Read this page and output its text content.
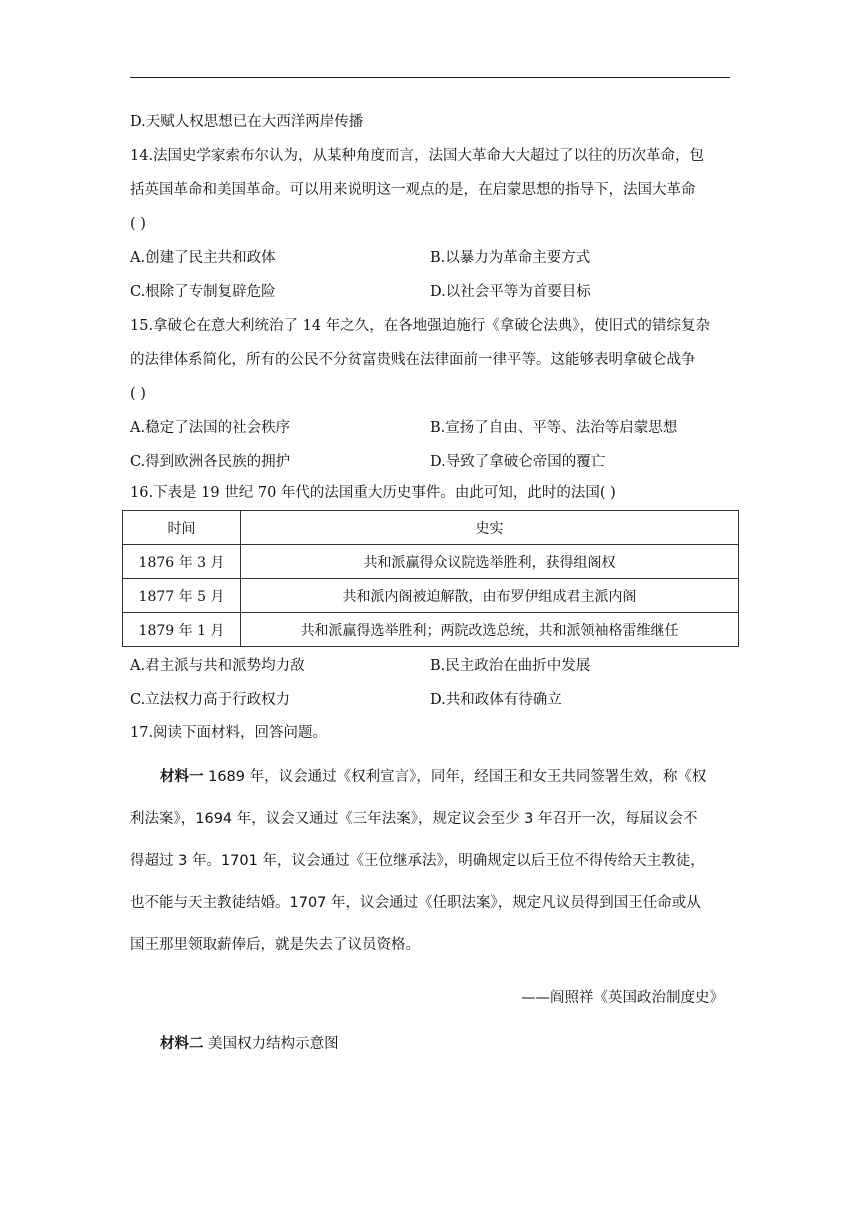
D.天赋人权思想已在大西洋两岸传播
14.法国史学家索布尔认为，从某种角度而言，法国大革命大大超过了以往的历次革命，包
括英国革命和美国革命。可以用来说明这一观点的是，在启蒙思想的指导下，法国大革命
( )
A.创建了民主共和政体	B.以暴力为革命主要方式
C.根除了专制复辟危险	D.以社会平等为首要目标
15.拿破仑在意大利统治了 14 年之久，在各地强迫施行《拿破仑法典》，使旧式的错综复杂
的法律体系简化，所有的公民不分贫富贵贱在法律面前一律平等。这能够表明拿破仑战争
( )
A.稳定了法国的社会秩序	B.宣扬了自由、平等、法治等启蒙思想
C.得到欧洲各民族的拥护	D.导致了拿破仑帝国的覆亡
16.下表是 19 世纪 70 年代的法国重大历史事件。由此可知，此时的法国( )
时间	史实
1876 年 3 月	共和派赢得众议院选举胜利，获得组阁权
1877 年 5 月	共和派内阁被迫解散，由布罗伊组成君主派内阁
1879 年 1 月	共和派赢得选举胜利；两院改选总统，共和派领袖格雷维继任
A.君主派与共和派势均力敌	B.民主政治在曲折中发展
C.立法权力高于行政权力	D.共和政体有待确立
17.阅读下面材料，回答问题。
材料一 1689 年，议会通过《权利宣言》，同年，经国王和女王共同签署生效，称《权
利法案》，1694 年，议会又通过《三年法案》，规定议会至少 3 年召开一次，每届议会不
得超过 3 年。1701 年，议会通过《王位继承法》，明确规定以后王位不得传给天主教徒，
也不能与天主教徒结婚。1707 年，议会通过《任职法案》，规定凡议员得到国王任命或从
国王那里领取薪俸后，就是失去了议员资格。
——阎照祥《英国政治制度史》
材料二 美国权力结构示意图
